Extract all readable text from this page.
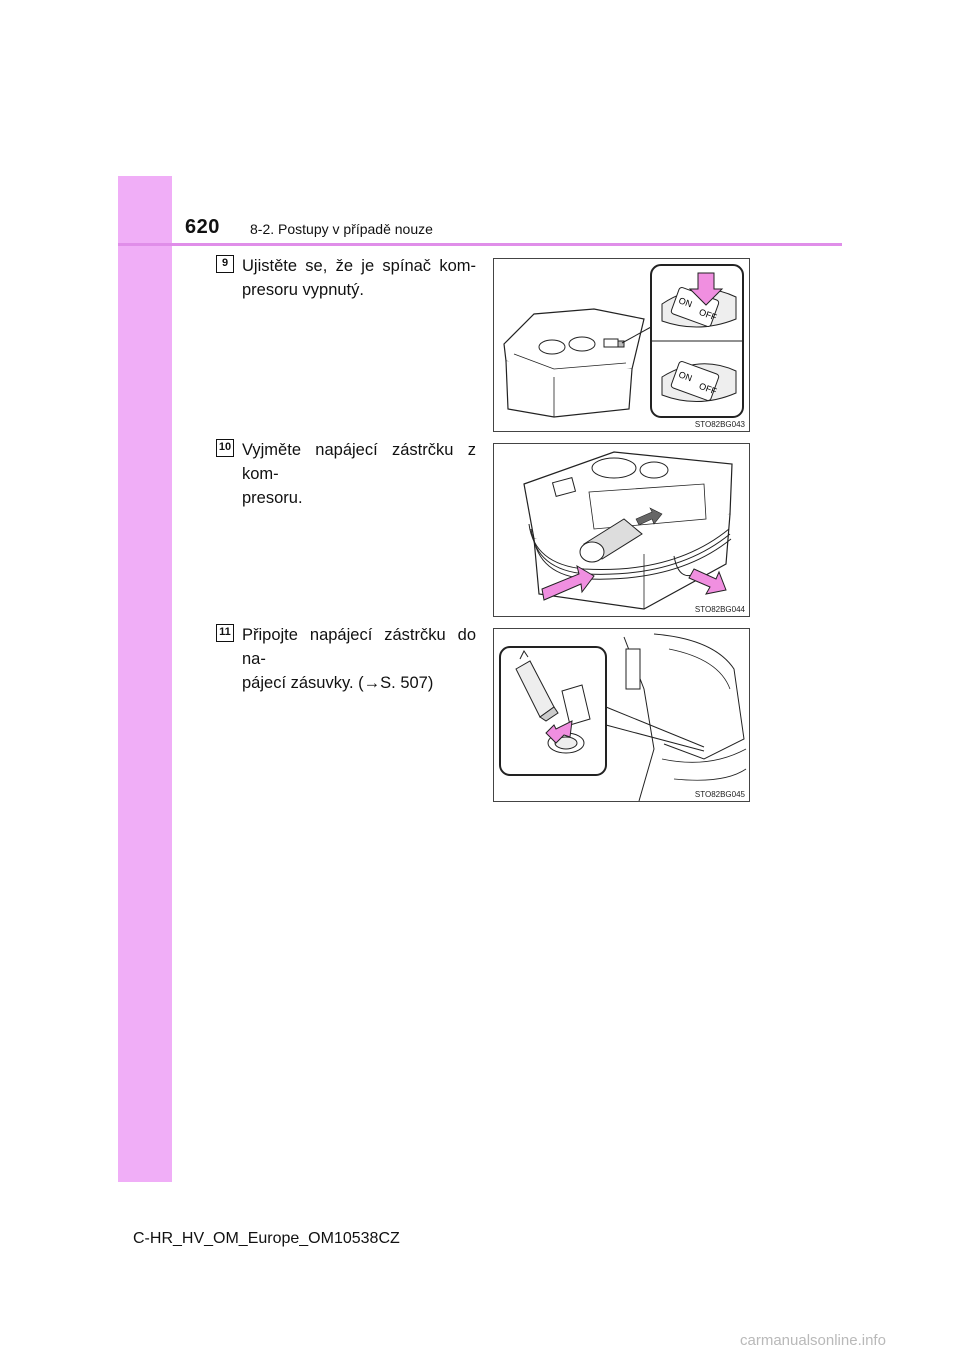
620 8-2. Postupy v případě nouze
9 Ujistěte se, že je spínač kom-
presoru vypnutý.
ON
OFF
ON
OFF
STO82BG043
10 Vyjměte napájecí zástrčku z kom-
presoru.
STO82BG044
11 Připojte napájecí zástrčku do na-
pájecí zásuvky. (→S. 507)
STO82BG045
C-HR_HV_OM_Europe_OM10538CZ
carmanualsonline.info
